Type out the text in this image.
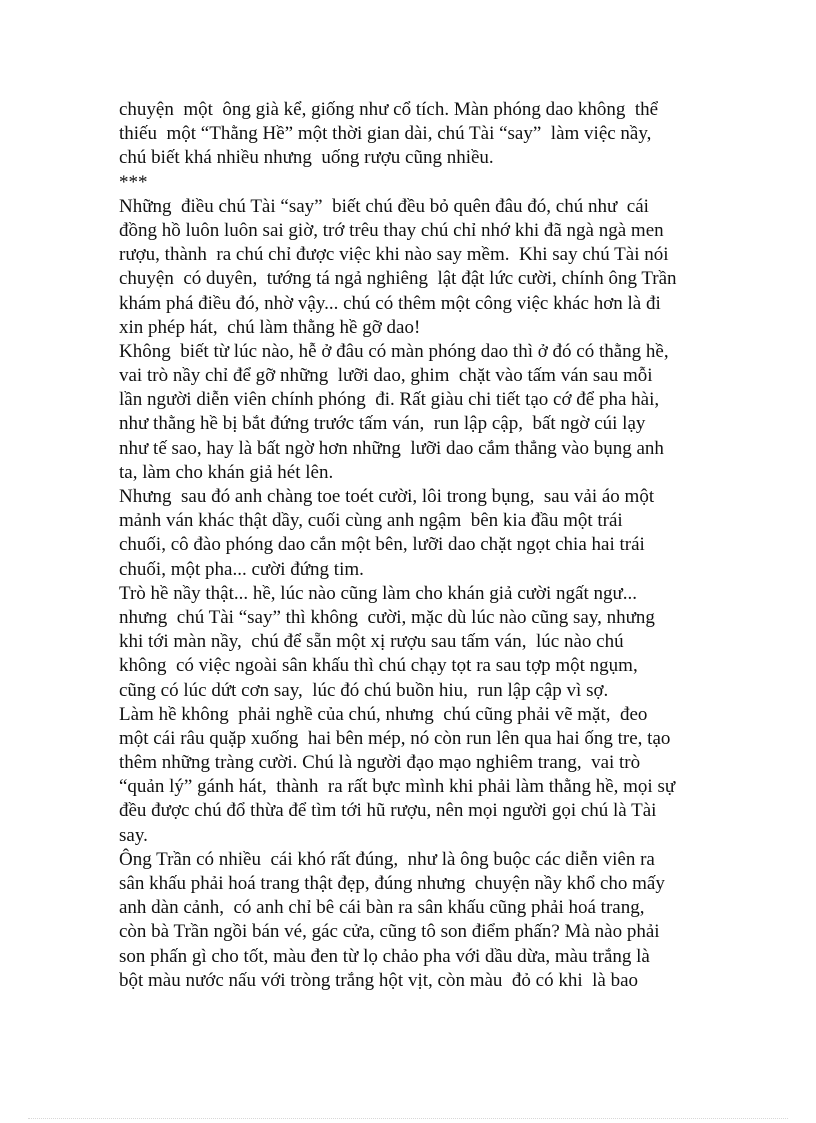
chuyện  một  ông già kể, giống như cổ tích. Màn phóng dao không  thể
thiếu  một “Thằng Hề” một thời gian dài, chú Tài “say”  làm việc nầy,
chú biết khá nhiều nhưng  uống rượu cũng nhiều.
***
Những  điều chú Tài “say”  biết chú đều bỏ quên đâu đó, chú như  cái
đồng hồ luôn luôn sai giờ, trớ trêu thay chú chỉ nhớ khi đã ngà ngà men
rượu, thành  ra chú chỉ được việc khi nào say mềm.  Khi say chú Tài nói
chuyện  có duyên,  tướng tá ngả nghiêng  lật đật lức cười, chính ông Trần
khám phá điều đó, nhờ vậy... chú có thêm một công việc khác hơn là đi
xin phép hát,  chú làm thằng hề gỡ dao!
Không  biết từ lúc nào, hễ ở đâu có màn phóng dao thì ở đó có thằng hề,
vai trò nầy chỉ để gỡ những  lưỡi dao, ghim  chặt vào tấm ván sau mỗi
lần người diễn viên chính phóng  đi. Rất giàu chi tiết tạo cớ để pha hài,
như thằng hề bị bắt đứng trước tấm ván,  run lập cập,  bất ngờ cúi lạy
như tế sao, hay là bất ngờ hơn những  lưỡi dao cắm thẳng vào bụng anh
ta, làm cho khán giả hét lên.
Nhưng  sau đó anh chàng toe toét cười, lôi trong bụng,  sau vải áo một
mảnh ván khác thật dầy, cuối cùng anh ngậm  bên kia đầu một trái
chuối, cô đào phóng dao cắn một bên, lưỡi dao chặt ngọt chia hai trái
chuối, một pha... cười đứng tim.
Trò hề nầy thật... hề, lúc nào cũng làm cho khán giả cười ngất ngư...
nhưng  chú Tài “say” thì không  cười, mặc dù lúc nào cũng say, nhưng
khi tới màn nầy,  chú để sẵn một xị rượu sau tấm ván,  lúc nào chú
không  có việc ngoài sân khấu thì chú chạy tọt ra sau tợp một ngụm,
cũng có lúc dứt cơn say,  lúc đó chú buồn hiu,  run lập cập vì sợ.
Làm hề không  phải nghề của chú, nhưng  chú cũng phải vẽ mặt,  đeo
một cái râu quặp xuống  hai bên mép, nó còn run lên qua hai ống tre, tạo
thêm những tràng cười. Chú là người đạo mạo nghiêm trang,  vai trò
“quản lý” gánh hát,  thành  ra rất bực mình khi phải làm thằng hề, mọi sự
đều được chú đổ thừa để tìm tới hũ rượu, nên mọi người gọi chú là Tài
say.
Ông Trần có nhiều  cái khó rất đúng,  như là ông buộc các diễn viên ra
sân khấu phải hoá trang thật đẹp, đúng nhưng  chuyện nầy khổ cho mấy
anh dàn cảnh,  có anh chỉ bê cái bàn ra sân khấu cũng phải hoá trang,
còn bà Trần ngồi bán vé, gác cửa, cũng tô son điểm phấn? Mà nào phải
son phấn gì cho tốt, màu đen từ lọ chảo pha với dầu dừa, màu trắng là
bột màu nước nấu với tròng trắng hột vịt, còn màu  đỏ có khi  là bao
